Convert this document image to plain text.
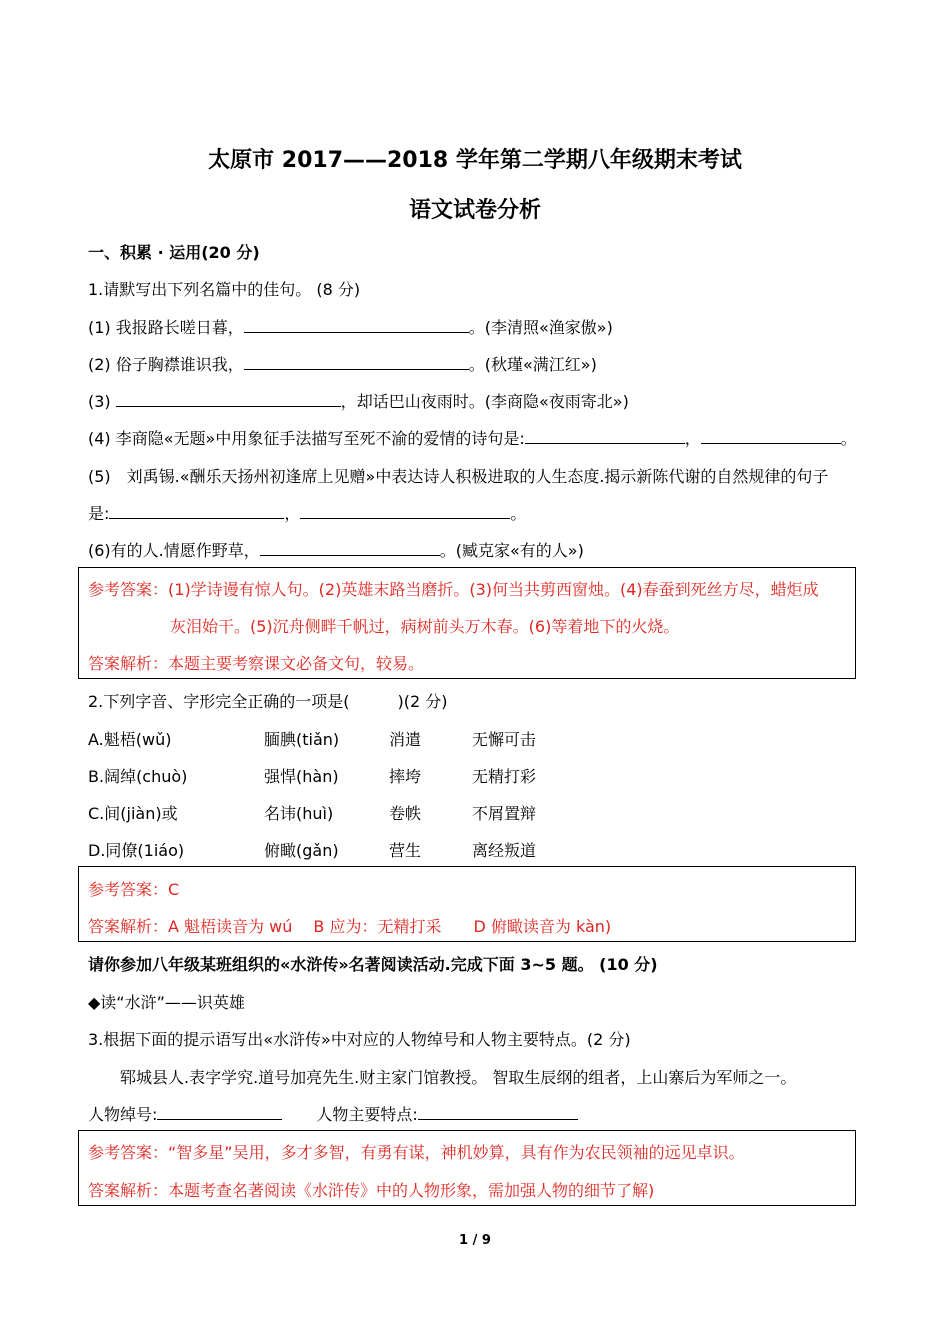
太原市 2017——2018 学年第二学期八年级期末考试
语文试卷分析
一、积累 · 运用(20 分)
1.请默写出下列名篇中的佳句。 (8 分)
(1) 我报路长嗟日暮，	。(李清照«渔家傲»)
(2) 俗子胸襟谁识我，	。(秋瑾«满江红»)
(3)	，却话巴山夜雨时。(李商隐«夜雨寄北»)
(4) 李商隐«无题»中用象征手法描写至死不渝的爱情的诗句是:	，	。
(5)　刘禹锡.«酬乐天扬州初逢席上见赠»中表达诗人积极进取的人生态度.揭示新陈代谢的自然规律的句子
是:	，	。
(6)有的人.情愿作野草，	。(臧克家«有的人»)
参考答案：(1)学诗谩有惊人句。(2)英雄末路当磨折。(3)何当共剪西窗烛。(4)春蚕到死丝方尽，蜡炬成
灰泪始干。(5)沉舟侧畔千帆过，病树前头万木春。(6)等着地下的火烧。
答案解析：本题主要考察课文必备文句，较易。
2.下列字音、字形完全正确的一项是(　　　)(2 分)
A.魁梧(wǔ)	腼腆(tiǎn)	消遣	无懈可击
B.阔绰(chuò)	强悍(hàn)	摔垮	无精打彩
C.间(jiàn)或	名讳(huì)	卷帙	不屑置辩
D.同僚(1iáo)	俯瞰(gǎn)	营生	离经叛道
参考答案：C
答案解析：A 魁梧读音为 wú　 B 应为：无精打采　　D 俯瞰读音为 kàn)
请你参加八年级某班组织的«水浒传»名著阅读活动.完成下面 3~5 题。 (10 分)
◆读“水浒”——识英雄
3.根据下面的提示语写出«水浒传»中对应的人物绰号和人物主要特点。(2 分)
郓城县人.表字学究.道号加亮先生.财主家门馆教授。 智取生辰纲的组者，上山寨后为军师之一。
人物绰号:	人物主要特点:
参考答案：“智多星”吴用，多才多智，有勇有谋，神机妙算，具有作为农民领袖的远见卓识。
答案解析：本题考查名著阅读《水浒传》中的人物形象，需加强人物的细节了解)
1 / 9
